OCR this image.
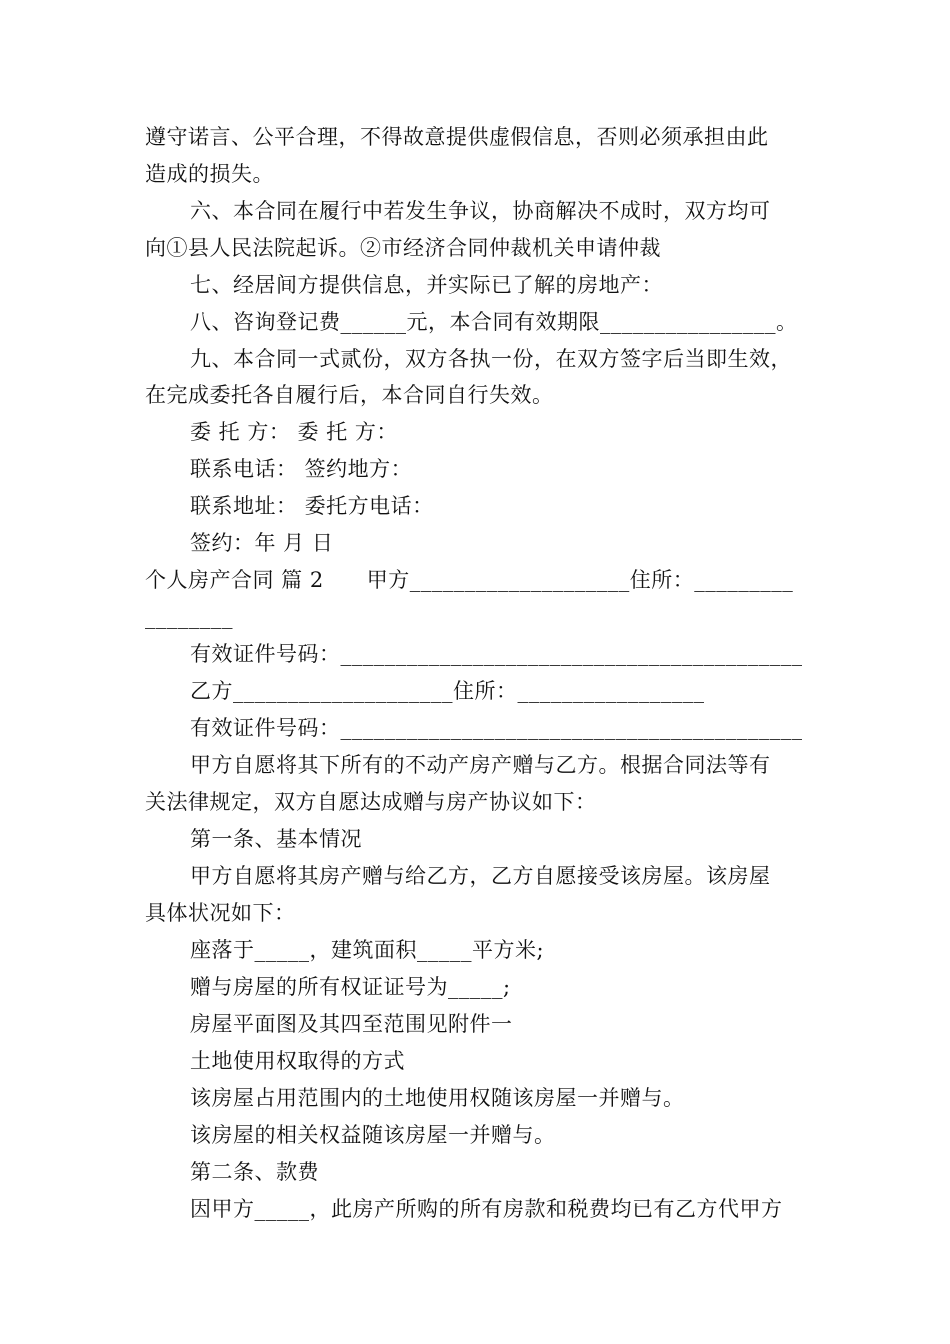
遵守诺言、公平合理，不得故意提供虚假信息，否则必须承担由此
造成的损失。
六、本合同在履行中若发生争议，协商解决不成时，双方均可
向①县人民法院起诉。②市经济合同仲裁机关申请仲裁
七、经居间方提供信息，并实际已了解的房地产：
八、咨询登记费______元，本合同有效期限________________。
九、本合同一式贰份，双方各执一份，在双方签字后当即生效，
在完成委托各自履行后，本合同自行失效。
委 托 方： 委 托 方：
联系电话： 签约地方：
联系地址： 委托方电话：
签约：年 月 日
个人房产合同 篇 2　　甲方____________________住所：_________
________
有效证件号码：__________________________________________
乙方____________________住所：_________________
有效证件号码：__________________________________________
甲方自愿将其下所有的不动产房产赠与乙方。根据合同法等有
关法律规定，双方自愿达成赠与房产协议如下：
第一条、基本情况
甲方自愿将其房产赠与给乙方，乙方自愿接受该房屋。该房屋
具体状况如下：
座落于_____，建筑面积_____平方米;
赠与房屋的所有权证证号为_____;
房屋平面图及其四至范围见附件一
土地使用权取得的方式
该房屋占用范围内的土地使用权随该房屋一并赠与。
该房屋的相关权益随该房屋一并赠与。
第二条、款费
因甲方_____，此房产所购的所有房款和税费均已有乙方代甲方
